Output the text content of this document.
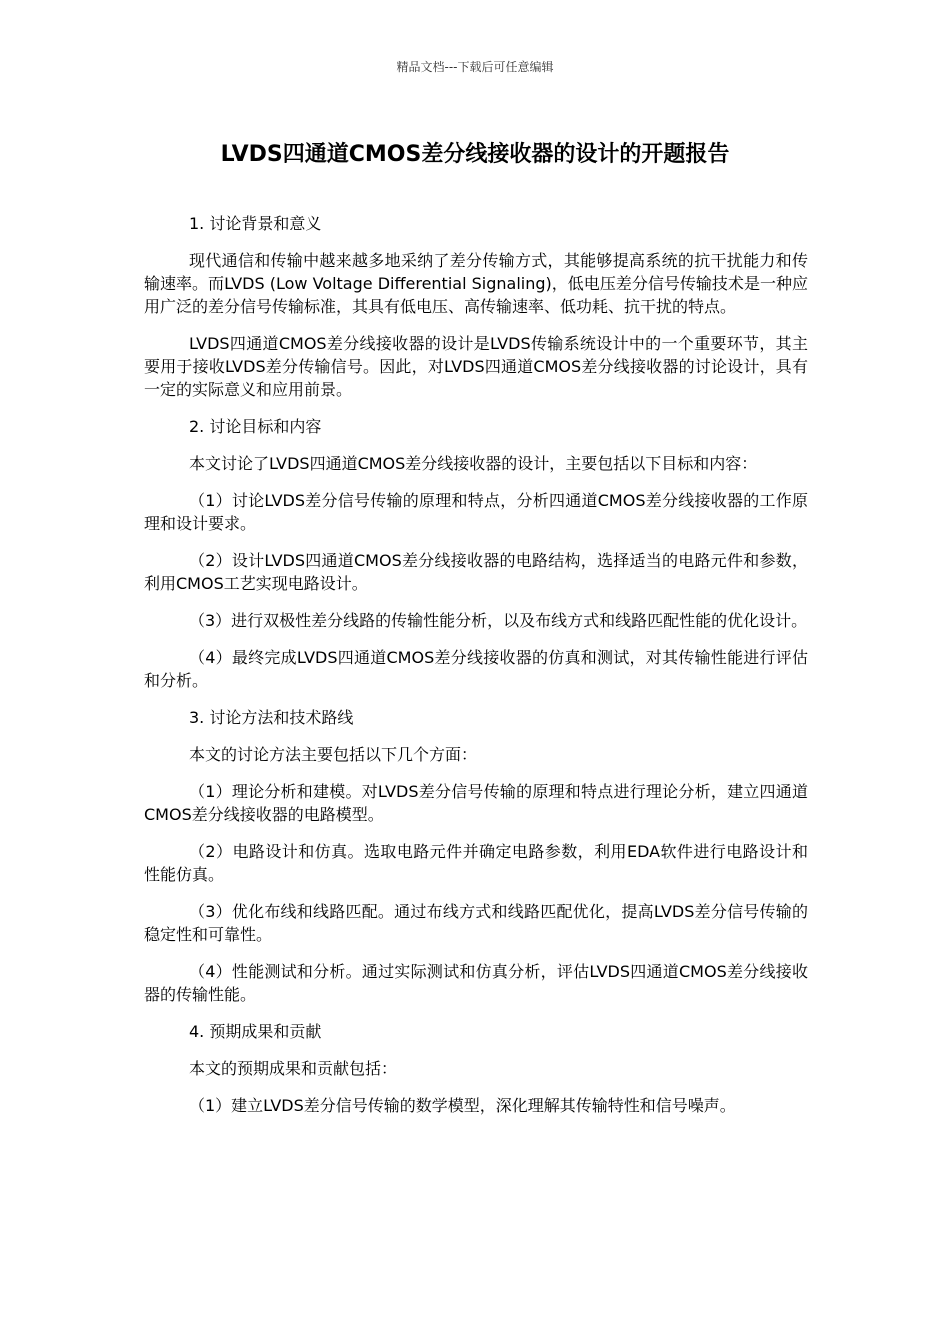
精品文档---下载后可任意编辑
LVDS四通道CMOS差分线接收器的设计的开题报告

1. 讨论背景和意义

现代通信和传输中越来越多地采纳了差分传输方式，其能够提高系统的抗干扰能力和传输速率。而LVDS (Low Voltage Differential Signaling)，低电压差分信号传输技术是一种应用广泛的差分信号传输标准，其具有低电压、高传输速率、低功耗、抗干扰的特点。

LVDS四通道CMOS差分线接收器的设计是LVDS传输系统设计中的一个重要环节，其主要用于接收LVDS差分传输信号。因此，对LVDS四通道CMOS差分线接收器的讨论设计，具有一定的实际意义和应用前景。

2. 讨论目标和内容

本文讨论了LVDS四通道CMOS差分线接收器的设计，主要包括以下目标和内容：

（1）讨论LVDS差分信号传输的原理和特点，分析四通道CMOS差分线接收器的工作原理和设计要求。

（2）设计LVDS四通道CMOS差分线接收器的电路结构，选择适当的电路元件和参数，利用CMOS工艺实现电路设计。

（3）进行双极性差分线路的传输性能分析，以及布线方式和线路匹配性能的优化设计。

（4）最终完成LVDS四通道CMOS差分线接收器的仿真和测试，对其传输性能进行评估和分析。

3. 讨论方法和技术路线

本文的讨论方法主要包括以下几个方面：

（1）理论分析和建模。对LVDS差分信号传输的原理和特点进行理论分析，建立四通道CMOS差分线接收器的电路模型。

（2）电路设计和仿真。选取电路元件并确定电路参数，利用EDA软件进行电路设计和性能仿真。

（3）优化布线和线路匹配。通过布线方式和线路匹配优化，提高LVDS差分信号传输的稳定性和可靠性。

（4）性能测试和分析。通过实际测试和仿真分析，评估LVDS四通道CMOS差分线接收器的传输性能。

4. 预期成果和贡献

本文的预期成果和贡献包括：

（1）建立LVDS差分信号传输的数学模型，深化理解其传输特性和信号噪声。
